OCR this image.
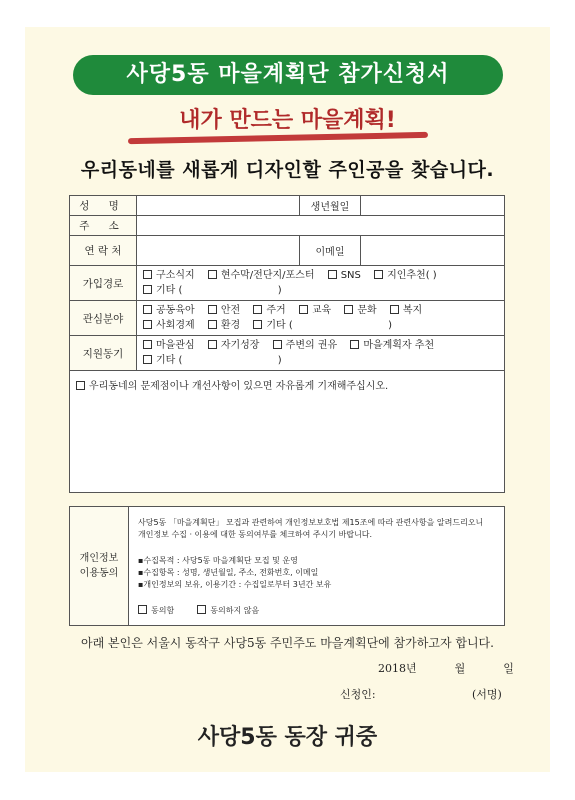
사당5동 마을계획단 참가신청서
내가 만드는 마을계획!
우리동네를 새롭게 디자인할 주인공을 찾습니다.
성 명		생년월일	
주 소			
연 락 처		이메일	
가입경로	구소식지 현수막/전단지/포스터 SNS 지인추천( )
기타 (                              )		

관심분야	공동육아 안전 주거 교육 문화 복지
사회경제 환경 기타 (                              )		

지원동기	마을관심 자기성장 주변의 권유 마을계획자 추천
기타 (                              )		

우리동네의 문제점이나 개선사항이 있으면 자유롭게 기재해주십시오.			
개인정보
이용동의
사당5동 「마을계획단」 모집과 관련하여 개인정보보호법 제15조에 따라 관련사항을 알려드리오니
개인정보 수집 · 이용에 대한 동의여부를 체크하여 주시기 바랍니다.
▪수집목적 : 사당5동 마을계획단 모집 및 운영
▪수집항목 : 성명, 생년월일, 주소, 전화번호, 이메일
▪개인정보의 보유, 이용기간 : 수집일로부터 3년간 보유
동의함	동의하지 않음
아래 본인은 서울시 동작구 사당5동 주민주도 마을계획단에 참가하고자 합니다.
2018년	월	일
신청인:	(서명)
사당5동 동장 귀중
